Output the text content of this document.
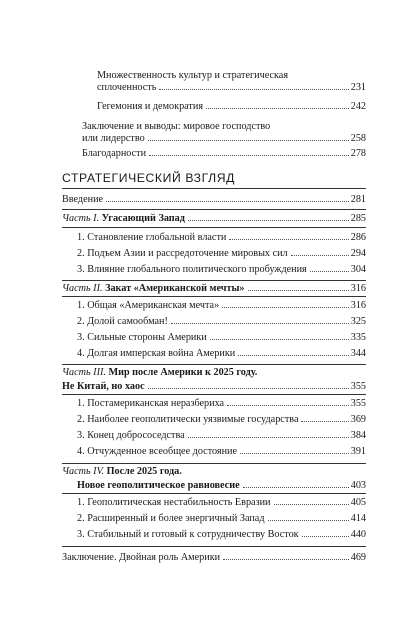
Множественность культур и стратегическая
сплоченность	231
Гегемония и демократия	242
Заключение и выводы: мировое господство
или лидерство	258
Благодарности	278
СТРАТЕГИЧЕСКИЙ ВЗГЛЯД
Введение	281
Часть I. Угасающий Запад	285
1. Становление глобальной власти	286
2. Подъем Азии и рассредоточение мировых сил	294
3. Влияние глобального политического пробуждения	304
Часть II. Закат «Американской мечты»	316
1. Общая «Американская мечта»	316
2. Долой самообман!	325
3. Сильные стороны Америки	335
4. Долгая имперская война Америки	344
Часть III. Мир после Америки к 2025 году.
Не Китай, но хаос	355
1. Постамериканская неразбериха	355
2. Наиболее геополитически уязвимые государства	369
3. Конец добрососедства	384
4. Отчужденное всеобщее достояние	391
Часть IV. После 2025 года.
Новое геополитическое равновесие	403
1. Геополитическая нестабильность Евразии	405
2. Расширенный и более энергичный Запад	414
3. Стабильный и готовый к сотрудничеству Восток	440
Заключение. Двойная роль Америки	469
